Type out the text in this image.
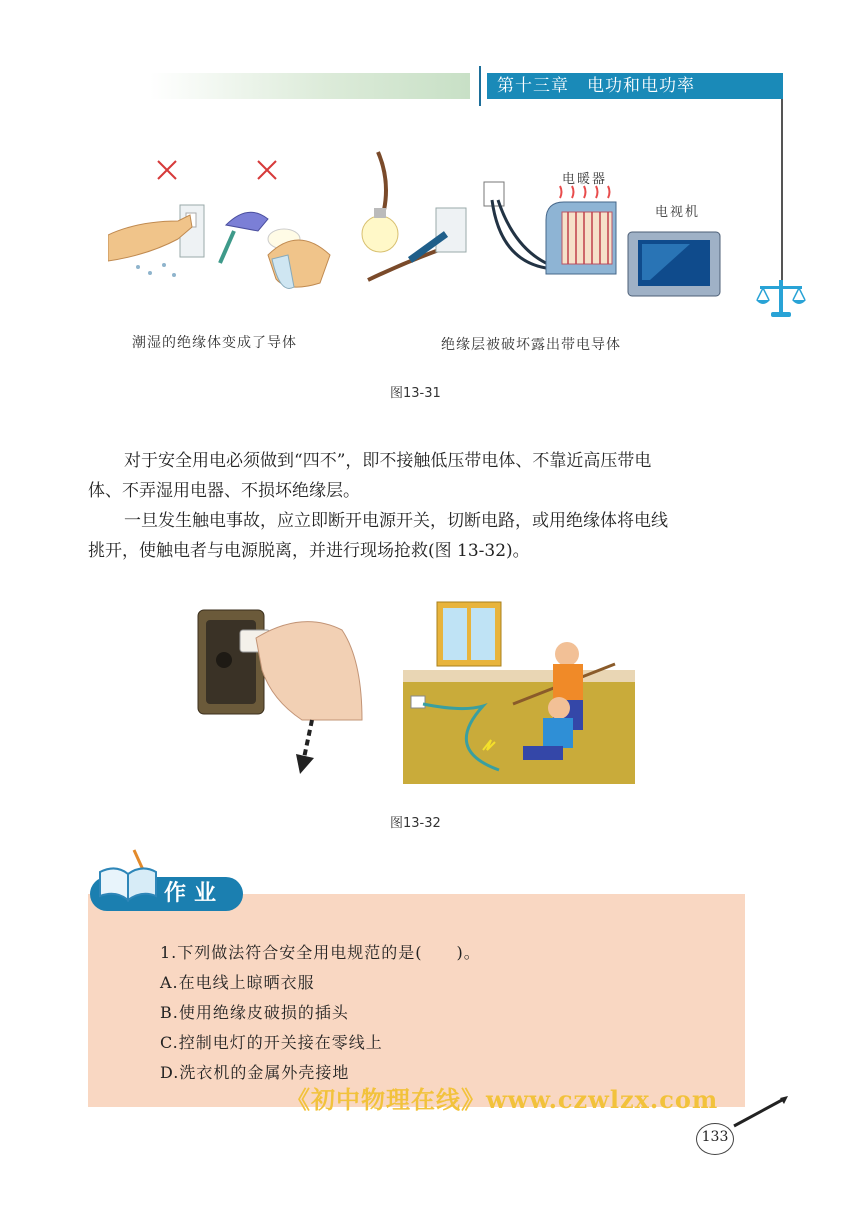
第十三章　电功和电功率
电暖器
电视机
潮湿的绝缘体变成了导体	绝缘层被破坏露出带电导体
图13-31
对于安全用电必须做到“四不”，即不接触低压带电体、不靠近高压带电
体、不弄湿用电器、不损坏绝缘层。
一旦发生触电事故，应立即断开电源开关，切断电路，或用绝缘体将电线
挑开，使触电者与电源脱离，并进行现场抢救(图 13-32)。
图13-32
作业
1.下列做法符合安全用电规范的是(　　)。
A.在电线上晾晒衣服
B.使用绝缘皮破损的插头
C.控制电灯的开关接在零线上
D.洗衣机的金属外壳接地
《初中物理在线》www.czwlzx.com
133
